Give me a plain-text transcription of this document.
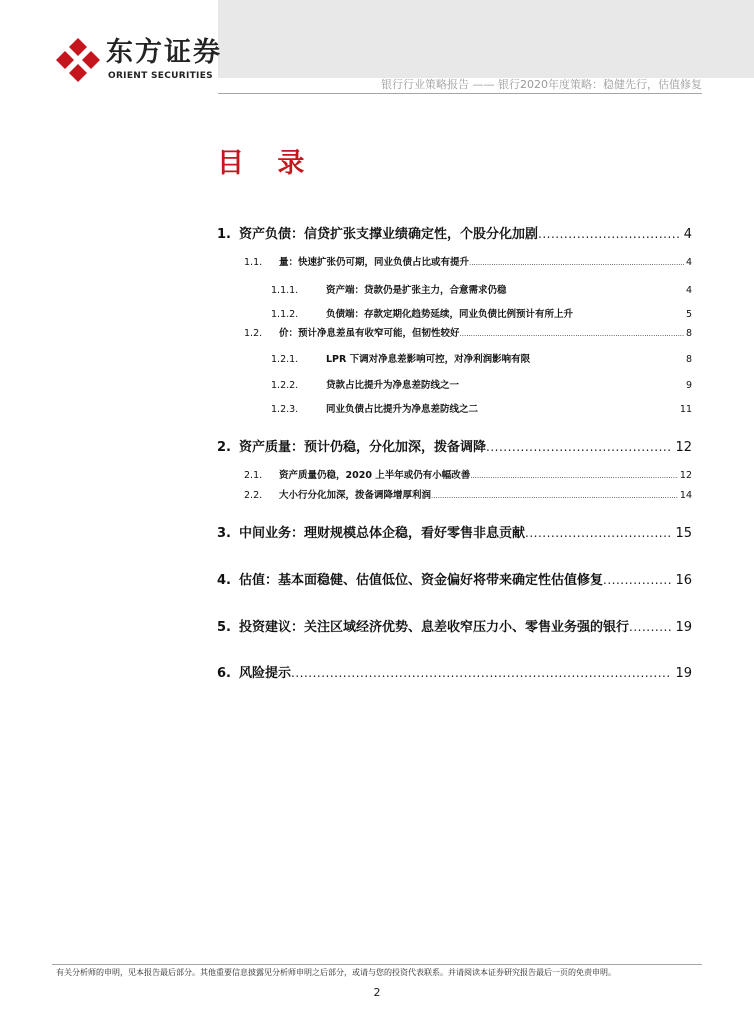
东方证券
ORIENT SECURITIES
银行行业策略报告 —— 银行2020年度策略：稳健先行，估值修复
目 录
1. 资产负债：信贷扩张支撑业绩确定性，个股分化加剧 .....	4
1.1.	量：快速扩张仍可期，同业负债占比或有提升 .....	4
1.1.1.	资产端：贷款仍是扩张主力，合意需求仍稳	4
1.1.2.	负债端：存款定期化趋势延续，同业负债比例预计有所上升	5
1.2.	价：预计净息差虽有收窄可能，但韧性较好 .....	8
1.2.1.	LPR 下调对净息差影响可控，对净利润影响有限	8
1.2.2.	贷款占比提升为净息差防线之一	9
1.2.3.	同业负债占比提升为净息差防线之二	11
2. 资产质量：预计仍稳，分化加深，拨备调降 .....	12
2.1.	资产质量仍稳，2020 上半年或仍有小幅改善 .....	12
2.2.	大小行分化加深，拨备调降增厚利润 .....	14
3. 中间业务：理财规模总体企稳，看好零售非息贡献 .....	15
4. 估值：基本面稳健、估值低位、资金偏好将带来确定性估值修复 .....	16
5. 投资建议：关注区域经济优势、息差收窄压力小、零售业务强的银行 .....	19
6. 风险提示 .....	19
有关分析师的申明，见本报告最后部分。其他重要信息披露见分析师申明之后部分，或请与您的投资代表联系。并请阅读本证券研究报告最后一页的免责申明。
2
